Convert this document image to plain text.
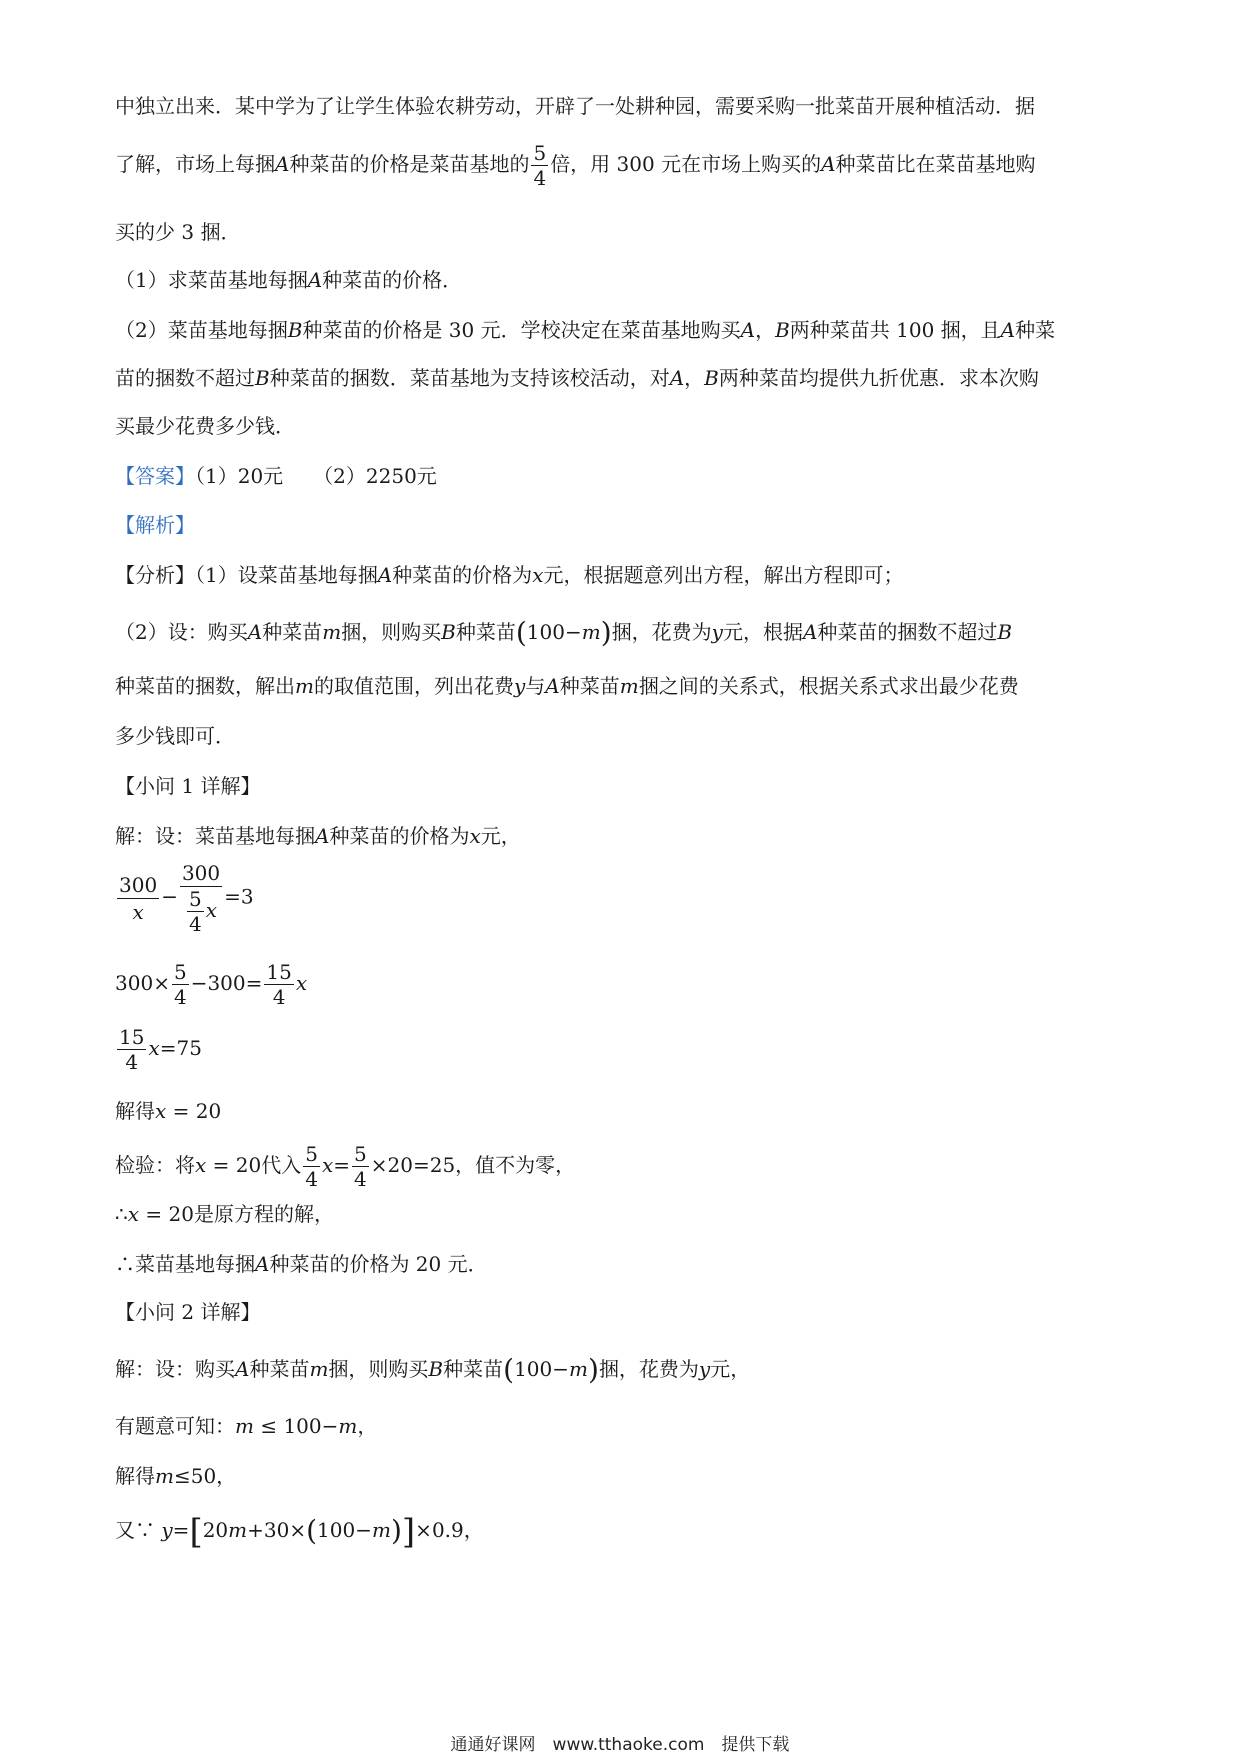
中独立出来．某中学为了让学生体验农耕劳动，开辟了一处耕种园，需要采购一批菜苗开展种植活动．据
了解，市场上每捆A种菜苗的价格是菜苗基地的 $\frac{5}{4}$ 倍，用 300 元在市场上购买的A种菜苗比在菜苗基地购
买的少 3 捆．
（1）求菜苗基地每捆A种菜苗的价格．
（2）菜苗基地每捆B种菜苗的价格是 30 元．学校决定在菜苗基地购买A，B两种菜苗共 100 捆，且A种菜
苗的捆数不超过B种菜苗的捆数．菜苗基地为支持该校活动，对A，B两种菜苗均提供九折优惠．求本次购
买最少花费多少钱．
【答案】（1）20元　　（2）2250元
【解析】
【分析】（1）设菜苗基地每捆A种菜苗的价格为x元，根据题意列出方程，解出方程即可；
（2）设：购买A种菜苗m捆，则购买B种菜苗(100−m)捆，花费为y元，根据A种菜苗的捆数不超过B
种菜苗的捆数，解出m的取值范围，列出花费y与A种菜苗m捆之间的关系式，根据关系式求出最少花费
多少钱即可．
【小问 1 详解】
解：设：菜苗基地每捆A种菜苗的价格为x元，
$\frac{300}{x} - \frac{300}{\frac{5}{4} x} =3$
$300\times \frac{5}{4} -300= \frac{15}{4}$ x
$\frac{15}{4} x=75$
解得x = 20
检验：将x = 20代入 $\frac{5}{4} x= \frac{5}{4} \times 20=25$，值不为零，
∴x = 20是原方程的解，
∴菜苗基地每捆A种菜苗的价格为 20 元．
【小问 2 详解】
解：设：购买A种菜苗m捆，则购买B种菜苗(100−m)捆，花费为y元，
有题意可知：m ≤ 100−m，
解得m≤50，
又∵ y=[20m+30×(100−m)]×0.9，
通通好课网　www.tthaoke.com　提供下载
